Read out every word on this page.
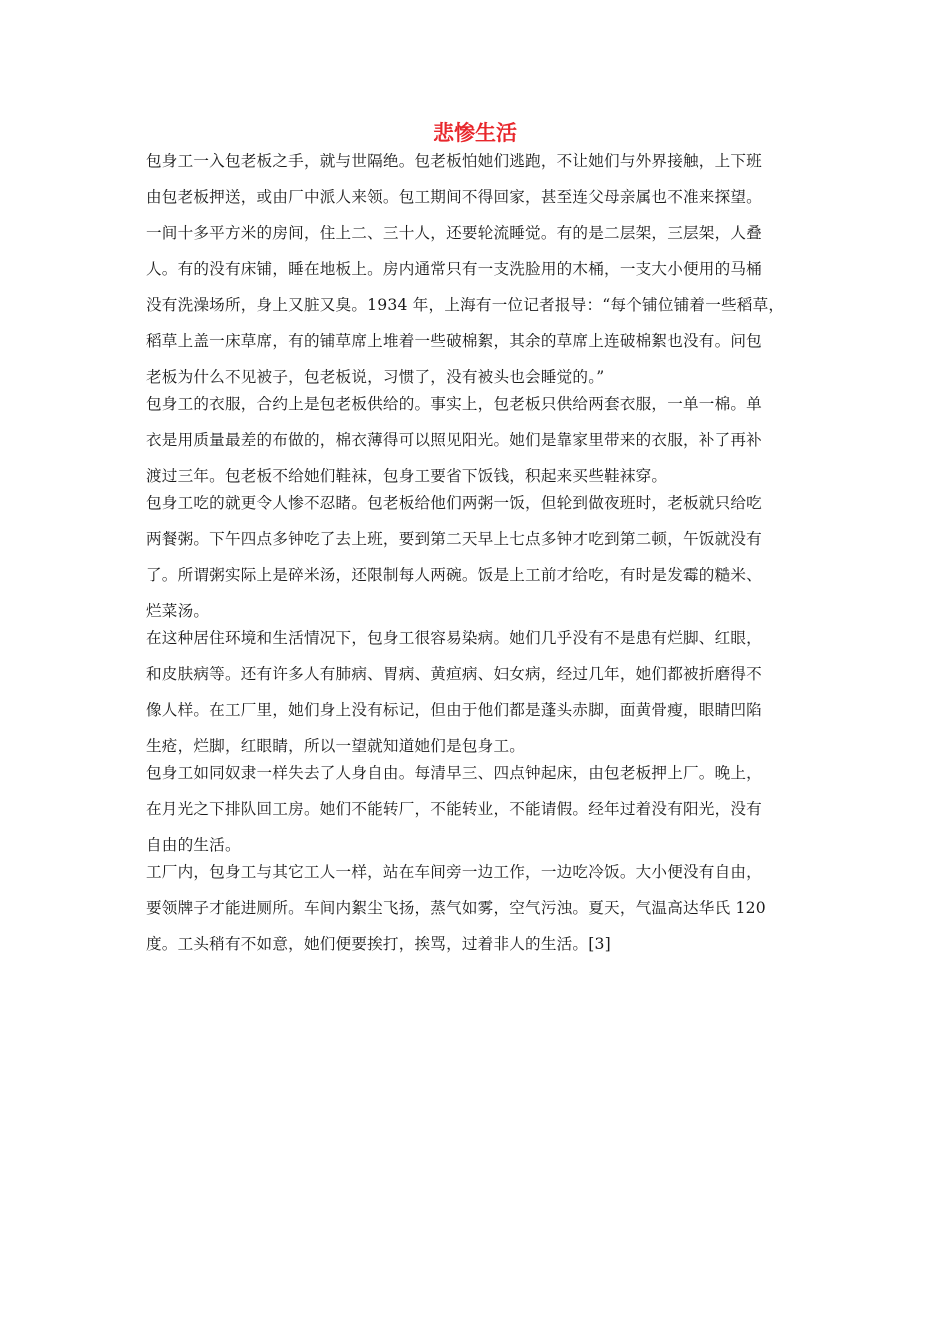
悲惨生活
包身工一入包老板之手，就与世隔绝。包老板怕她们逃跑，不让她们与外界接触，上下班
由包老板押送，或由厂中派人来领。包工期间不得回家，甚至连父母亲属也不准来探望。
一间十多平方米的房间，住上二、三十人，还要轮流睡觉。有的是二层架，三层架，人叠
人。有的没有床铺，睡在地板上。房内通常只有一支洗脸用的木桶，一支大小便用的马桶
没有洗澡场所，身上又脏又臭。1934 年，上海有一位记者报导：“每个铺位铺着一些稻草，
稻草上盖一床草席，有的铺草席上堆着一些破棉絮，其余的草席上连破棉絮也没有。问包
老板为什么不见被子，包老板说，习惯了，没有被头也会睡觉的。”
包身工的衣服，合约上是包老板供给的。事实上，包老板只供给两套衣服，一单一棉。单
衣是用质量最差的布做的，棉衣薄得可以照见阳光。她们是靠家里带来的衣服，补了再补
渡过三年。包老板不给她们鞋袜，包身工要省下饭钱，积起来买些鞋袜穿。
包身工吃的就更令人惨不忍睹。包老板给他们两粥一饭，但轮到做夜班时，老板就只给吃
两餐粥。下午四点多钟吃了去上班，要到第二天早上七点多钟才吃到第二顿，午饭就没有
了。所谓粥实际上是碎米汤，还限制每人两碗。饭是上工前才给吃，有时是发霉的糙米、
烂菜汤。
在这种居住环境和生活情况下，包身工很容易染病。她们几乎没有不是患有烂脚、红眼，
和皮肤病等。还有许多人有肺病、胃病、黄疸病、妇女病，经过几年，她们都被折磨得不
像人样。在工厂里，她们身上没有标记，但由于他们都是蓬头赤脚，面黄骨瘦，眼睛凹陷
生疮，烂脚，红眼睛，所以一望就知道她们是包身工。
包身工如同奴隶一样失去了人身自由。每清早三、四点钟起床，由包老板押上厂。晚上，
在月光之下排队回工房。她们不能转厂，不能转业，不能请假。经年过着没有阳光，没有
自由的生活。
工厂内，包身工与其它工人一样，站在车间旁一边工作，一边吃冷饭。大小便没有自由，
要领牌子才能进厕所。车间内絮尘飞扬，蒸气如雾，空气污浊。夏天，气温高达华氏 120
度。工头稍有不如意，她们便要挨打，挨骂，过着非人的生活。[3]
